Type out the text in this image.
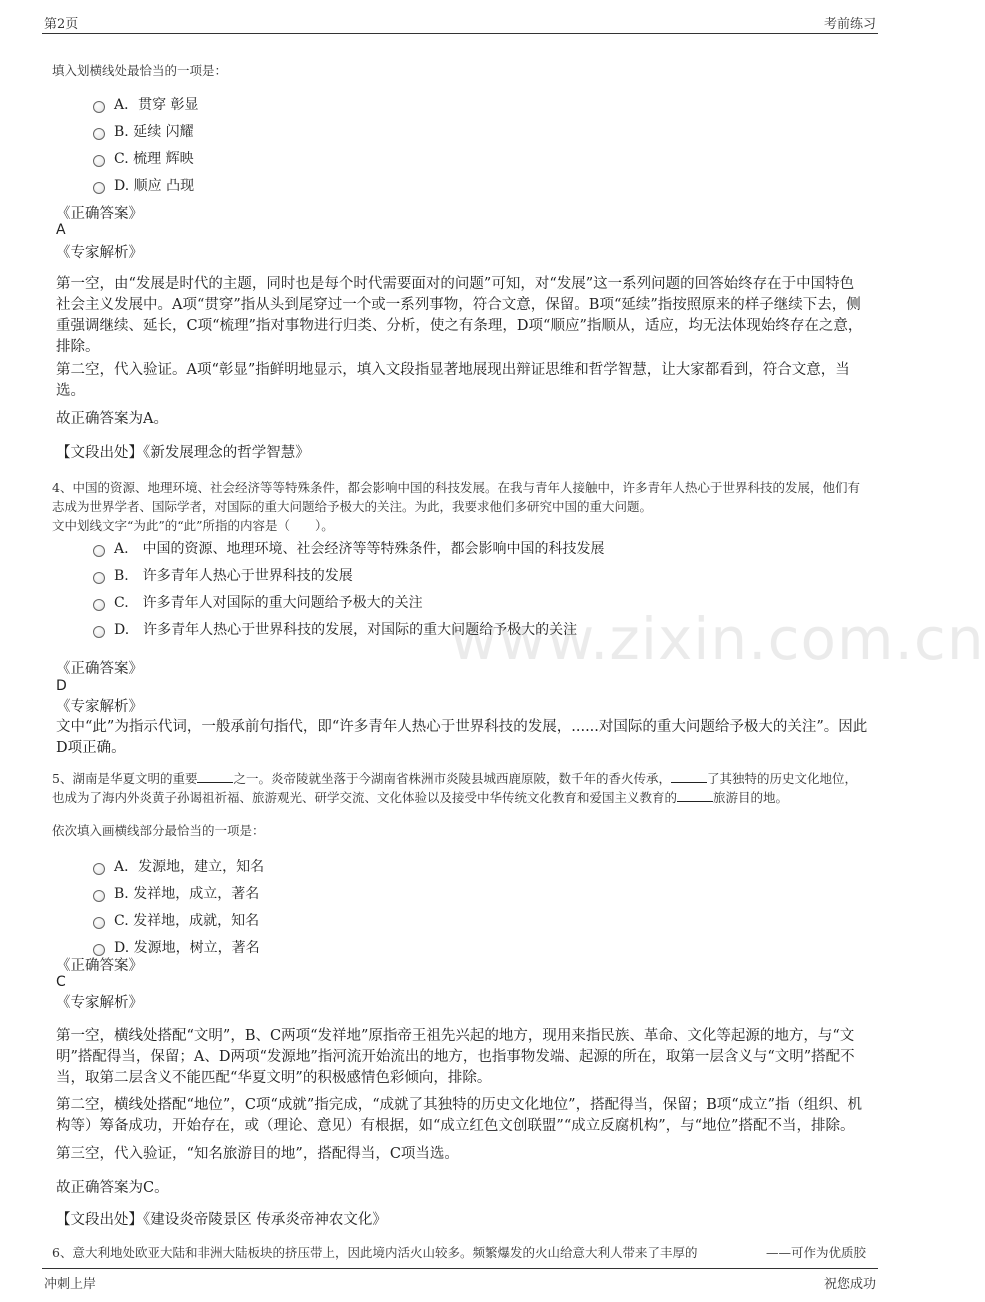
第2页	考前练习
www.zixin.com.cn
填入划横线处最恰当的一项是：
A．贯穿 彰显
B. 延续 闪耀
C. 梳理 辉映
D. 顺应 凸现
《正确答案》
A
《专家解析》
第一空，由“发展是时代的主题，同时也是每个时代需要面对的问题”可知，对“发展”这一系列问题的回答始终存在于中国特色社会主义发展中。A项“贯穿”指从头到尾穿过一个或一系列事物，符合文意，保留。B项“延续”指按照原来的样子继续下去，侧重强调继续、延长，C项“梳理”指对事物进行归类、分析，使之有条理，D项“顺应”指顺从，适应，均无法体现始终存在之意，排除。
第二空，代入验证。A项“彰显”指鲜明地显示，填入文段指显著地展现出辩证思维和哲学智慧，让大家都看到，符合文意，当选。
故正确答案为A。
【文段出处】《新发展理念的哲学智慧》
4、中国的资源、地理环境、社会经济等等特殊条件，都会影响中国的科技发展。在我与青年人接触中，许多青年人热心于世界科技的发展，他们有志成为世界学者、国际学者，对国际的重大问题给予极大的关注。为此，我要求他们多研究中国的重大问题。
文中划线文字“为此”的“此”所指的内容是（　　）。
A.　中国的资源、地理环境、社会经济等等特殊条件，都会影响中国的科技发展
B.　许多青年人热心于世界科技的发展
C.　许多青年人对国际的重大问题给予极大的关注
D.　许多青年人热心于世界科技的发展，对国际的重大问题给予极大的关注
《正确答案》
D
《专家解析》
文中“此”为指示代词，一般承前句指代，即“许多青年人热心于世界科技的发展，......对国际的重大问题给予极大的关注”。因此D项正确。
5、湖南是华夏文明的重要	之一。炎帝陵就坐落于今湖南省株洲市炎陵县城西鹿原陂，数千年的香火传承，	了其独特的历史文化地位，也成为了海内外炎黄子孙谒祖祈福、旅游观光、研学交流、文化体验以及接受中华传统文化教育和爱国主义教育的	旅游目的地。
依次填入画横线部分最恰当的一项是：
A．发源地，建立，知名
B. 发祥地，成立，著名
C. 发祥地，成就，知名
D. 发源地，树立，著名
《正确答案》
C
《专家解析》
第一空，横线处搭配“文明”，B、C两项“发祥地”原指帝王祖先兴起的地方，现用来指民族、革命、文化等起源的地方，与“文明”搭配得当，保留；A、D两项“发源地”指河流开始流出的地方，也指事物发端、起源的所在，取第一层含义与“文明”搭配不当，取第二层含义不能匹配“华夏文明”的积极感情色彩倾向，排除。
第二空，横线处搭配“地位”，C项“成就”指完成，“成就了其独特的历史文化地位”，搭配得当，保留；B项“成立”指（组织、机构等）筹备成功，开始存在，或（理论、意见）有根据，如“成立红色文创联盟”“成立反腐机构”，与“地位”搭配不当，排除。
第三空，代入验证，“知名旅游目的地”，搭配得当，C项当选。
故正确答案为C。
【文段出处】《建设炎帝陵景区 传承炎帝神农文化》
6、意大利地处欧亚大陆和非洲大陆板块的挤压带上，因此境内活火山较多。频繁爆发的火山给意大利人带来了丰厚的	——可作为优质胶
冲刺上岸	祝您成功
